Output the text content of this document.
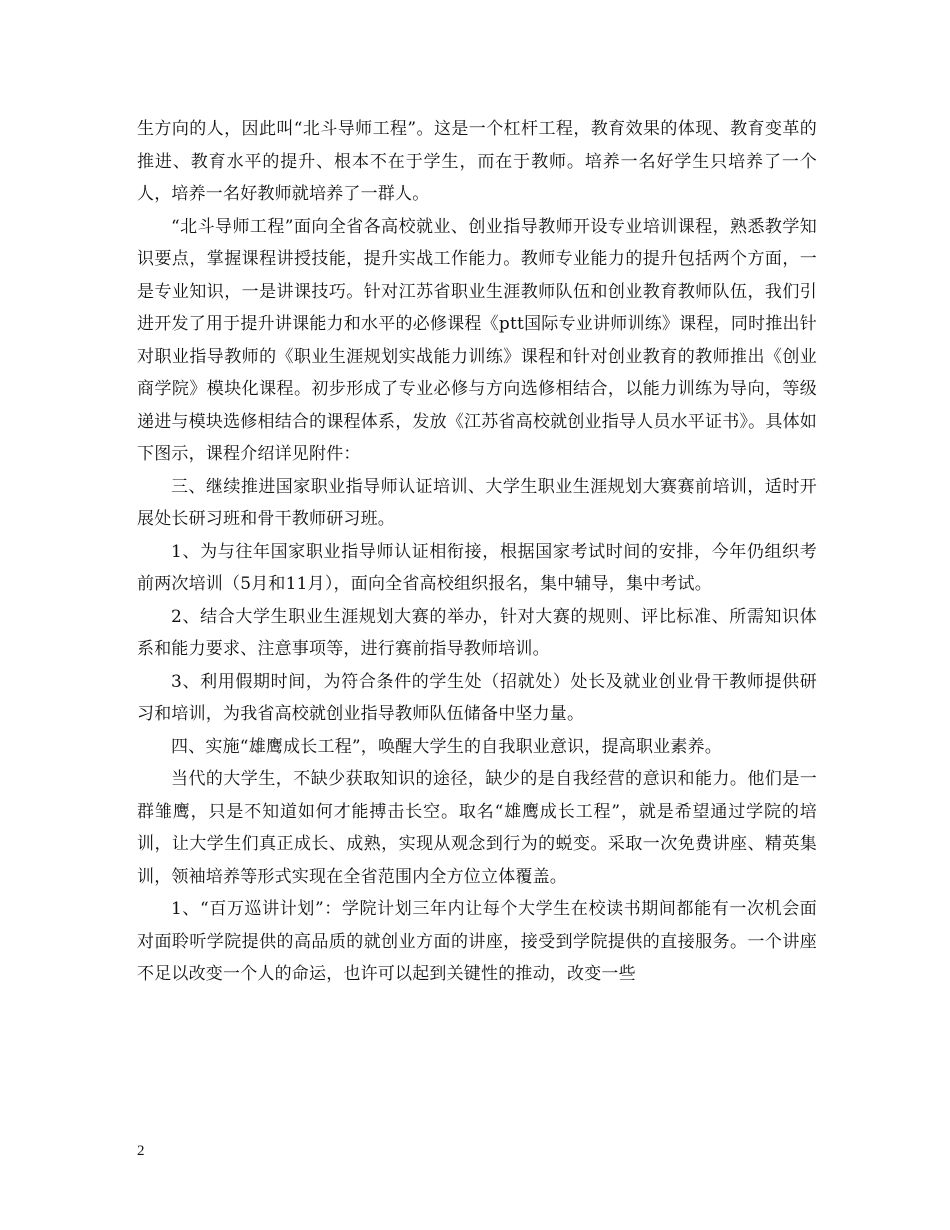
生方向的人，因此叫“北斗导师工程”。这是一个杠杆工程，教育效果的体现、教育变革的推进、教育水平的提升、根本不在于学生，而在于教师。培养一名好学生只培养了一个人，培养一名好教师就培养了一群人。

“北斗导师工程”面向全省各高校就业、创业指导教师开设专业培训课程，熟悉教学知识要点，掌握课程讲授技能，提升实战工作能力。教师专业能力的提升包括两个方面，一是专业知识，一是讲课技巧。针对江苏省职业生涯教师队伍和创业教育教师队伍，我们引进开发了用于提升讲课能力和水平的必修课程《ptt国际专业讲师训练》课程，同时推出针对职业指导教师的《职业生涯规划实战能力训练》课程和针对创业教育的教师推出《创业商学院》模块化课程。初步形成了专业必修与方向选修相结合，以能力训练为导向，等级递进与模块选修相结合的课程体系，发放《江苏省高校就创业指导人员水平证书》。具体如下图示，课程介绍详见附件：

三、继续推进国家职业指导师认证培训、大学生职业生涯规划大赛赛前培训，适时开展处长研习班和骨干教师研习班。

1、为与往年国家职业指导师认证相衔接，根据国家考试时间的安排，今年仍组织考前两次培训（5月和11月），面向全省高校组织报名，集中辅导，集中考试。

2、结合大学生职业生涯规划大赛的举办，针对大赛的规则、评比标准、所需知识体系和能力要求、注意事项等，进行赛前指导教师培训。

3、利用假期时间，为符合条件的学生处（招就处）处长及就业创业骨干教师提供研习和培训，为我省高校就创业指导教师队伍储备中坚力量。

四、实施“雄鹰成长工程”，唤醒大学生的自我职业意识，提高职业素养。

当代的大学生，不缺少获取知识的途径，缺少的是自我经营的意识和能力。他们是一群雏鹰，只是不知道如何才能搏击长空。取名“雄鹰成长工程”，就是希望通过学院的培训，让大学生们真正成长、成熟，实现从观念到行为的蜕变。采取一次免费讲座、精英集训，领袖培养等形式实现在全省范围内全方位立体覆盖。

1、“百万巡讲计划”：学院计划三年内让每个大学生在校读书期间都能有一次机会面对面聆听学院提供的高品质的就创业方面的讲座，接受到学院提供的直接服务。一个讲座不足以改变一个人的命运，也许可以起到关键性的推动，改变一些

2
